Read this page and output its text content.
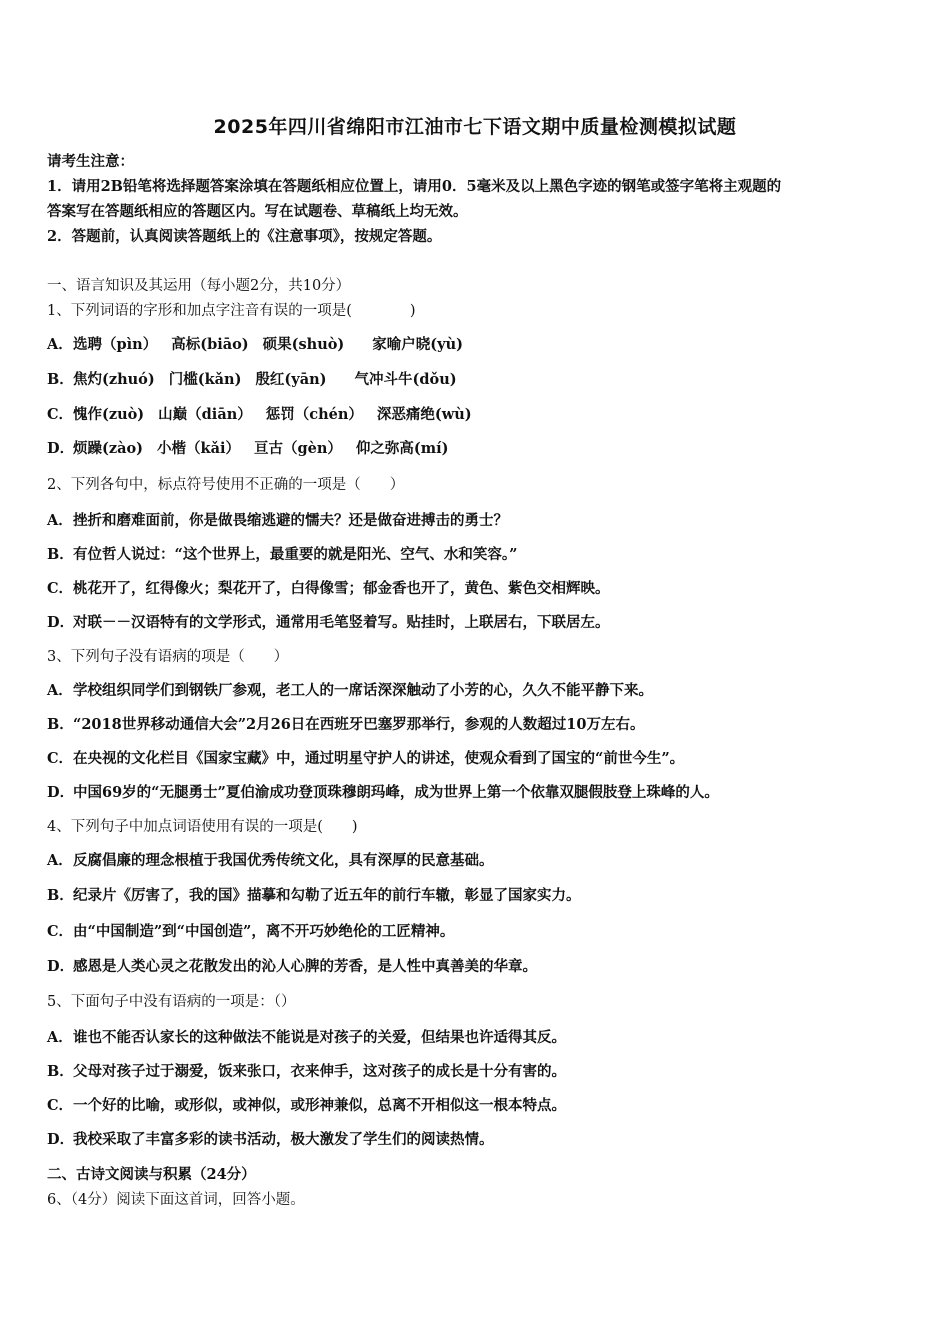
2025年四川省绵阳市江油市七下语文期中质量检测模拟试题
请考生注意：
1．请用2B铅笔将选择题答案涂填在答题纸相应位置上，请用0．5毫米及以上黑色字迹的钢笔或签字笔将主观题的
答案写在答题纸相应的答题区内。写在试题卷、草稿纸上均无效。
2．答题前，认真阅读答题纸上的《注意事项》，按规定答题。
一、语言知识及其运用（每小题2分，共10分）
1、下列词语的字形和加点字注音有误的一项是(　　　　)
A．选聘（pìn） 高标(biāo) 硕果(shuò) 家喻户晓(yù)
B．焦灼(zhuó) 门槛(kǎn) 殷红(yān) 气冲斗牛(dǒu)
C．愧作(zuò) 山巅（diān） 惩罚（chén） 深恶痛绝(wù)
D．烦躁(zào) 小楷（kǎi） 亘古（gèn） 仰之弥高(mí)
2、下列各句中，标点符号使用不正确的一项是（　　）
A．挫折和磨难面前，你是做畏缩逃避的懦夫？还是做奋进搏击的勇士？
B．有位哲人说过：“这个世界上，最重要的就是阳光、空气、水和笑容。”
C．桃花开了，红得像火；梨花开了，白得像雪；郁金香也开了，黄色、紫色交相辉映。
D．对联－－汉语特有的文学形式，通常用毛笔竖着写。贴挂时，上联居右，下联居左。
3、下列句子没有语病的项是（　　）
A．学校组织同学们到钢铁厂参观，老工人的一席话深深触动了小芳的心，久久不能平静下来。
B．“2018世界移动通信大会”2月26日在西班牙巴塞罗那举行，参观的人数超过10万左右。
C．在央视的文化栏目《国家宝藏》中，通过明星守护人的讲述，使观众看到了国宝的“前世今生”。
D．中国69岁的“无腿勇士”夏伯渝成功登顶珠穆朗玛峰，成为世界上第一个依靠双腿假肢登上珠峰的人。
4、下列句子中加点词语使用有误的一项是(　　)
A．反腐倡廉的理念根植于我国优秀传统文化，具有深厚的民意基础。
B．纪录片《厉害了，我的国》描摹和勾勒了近五年的前行车辙，彰显了国家实力。
C．由“中国制造”到“中国创造”，离不开巧妙绝伦的工匠精神。
D．感恩是人类心灵之花散发出的沁人心脾的芳香，是人性中真善美的华章。
5、下面句子中没有语病的一项是：（）
A．谁也不能否认家长的这种做法不能说是对孩子的关爱，但结果也许适得其反。
B．父母对孩子过于溺爱，饭来张口，衣来伸手，这对孩子的成长是十分有害的。
C．一个好的比喻，或形似，或神似，或形神兼似，总离不开相似这一根本特点。
D．我校采取了丰富多彩的读书活动，极大激发了学生们的阅读热情。
二、古诗文阅读与积累（24分）
6、（4分）阅读下面这首词，回答小题。
